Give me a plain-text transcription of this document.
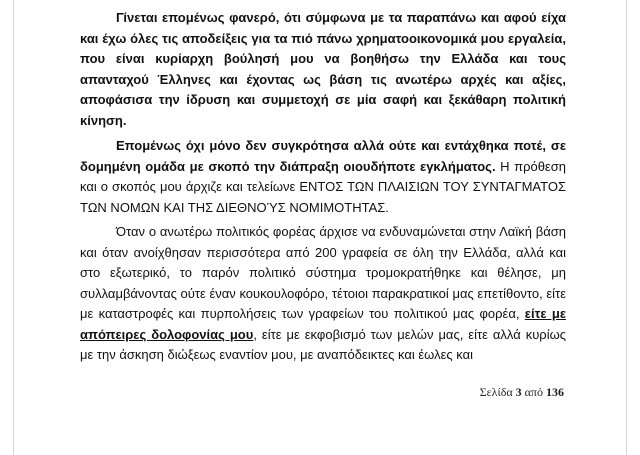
Γίνεται επομένως φανερό, ότι σύμφωνα με τα παραπάνω και αφού είχα και έχω όλες τις αποδείξεις για τα πιό πάνω χρηματοοικονομικά μου εργαλεία, που είναι κυρίαρχη βούλησή μου να βοηθήσω την Ελλάδα και τους απανταχού Έλληνες και έχοντας ως βάση τις ανωτέρω αρχές και αξίες, αποφάσισα την ίδρυση και συμμετοχή σε μία σαφή και ξεκάθαρη πολιτική κίνηση.

Επομένως όχι μόνο δεν συγκρότησα αλλά ούτε και εντάχθηκα ποτέ, σε δομημένη ομάδα με σκοπό την διάπραξη οιουδήποτε εγκλήματος. Η πρόθεση και ο σκοπός μου άρχιζε και τελείωνε ΕΝΤΟΣ ΤΩΝ ΠΛΑΙΣΙΩΝ ΤΟΥ ΣΥΝΤΑΓΜΑΤΟΣ ΤΩΝ ΝΟΜΩΝ ΚΑΙ ΤΗΣ ΔΙΕΘΝΟΎΣ ΝΟΜΙΜΟΤΗΤΑΣ.

Όταν ο ανωτέρω πολιτικός φορέας άρχισε να ενδυναμώνεται στην Λαϊκή βάση και όταν ανοίχθησαν περισσότερα από 200 γραφεία σε όλη την Ελλάδα, αλλά και στο εξωτερικό, το παρόν πολιτικό σύστημα τρομοκρατήθηκε και θέλησε, μη συλλαμβάνοντας ούτε έναν κουκουλοφόρο, τέτοιοι παρακρατικοί μας επετίθοντο, είτε με καταστροφές και πυρπολήσεις των γραφείων του πολιτικού μας φορέα, είτε με απόπειρες δολοφονίας μου, είτε με εκφοβισμό των μελών μας, είτε αλλά κυρίως με την άσκηση διώξεως εναντίον μου, με αναπόδεικτες και έωλες και

Σελίδα 3 από 136
